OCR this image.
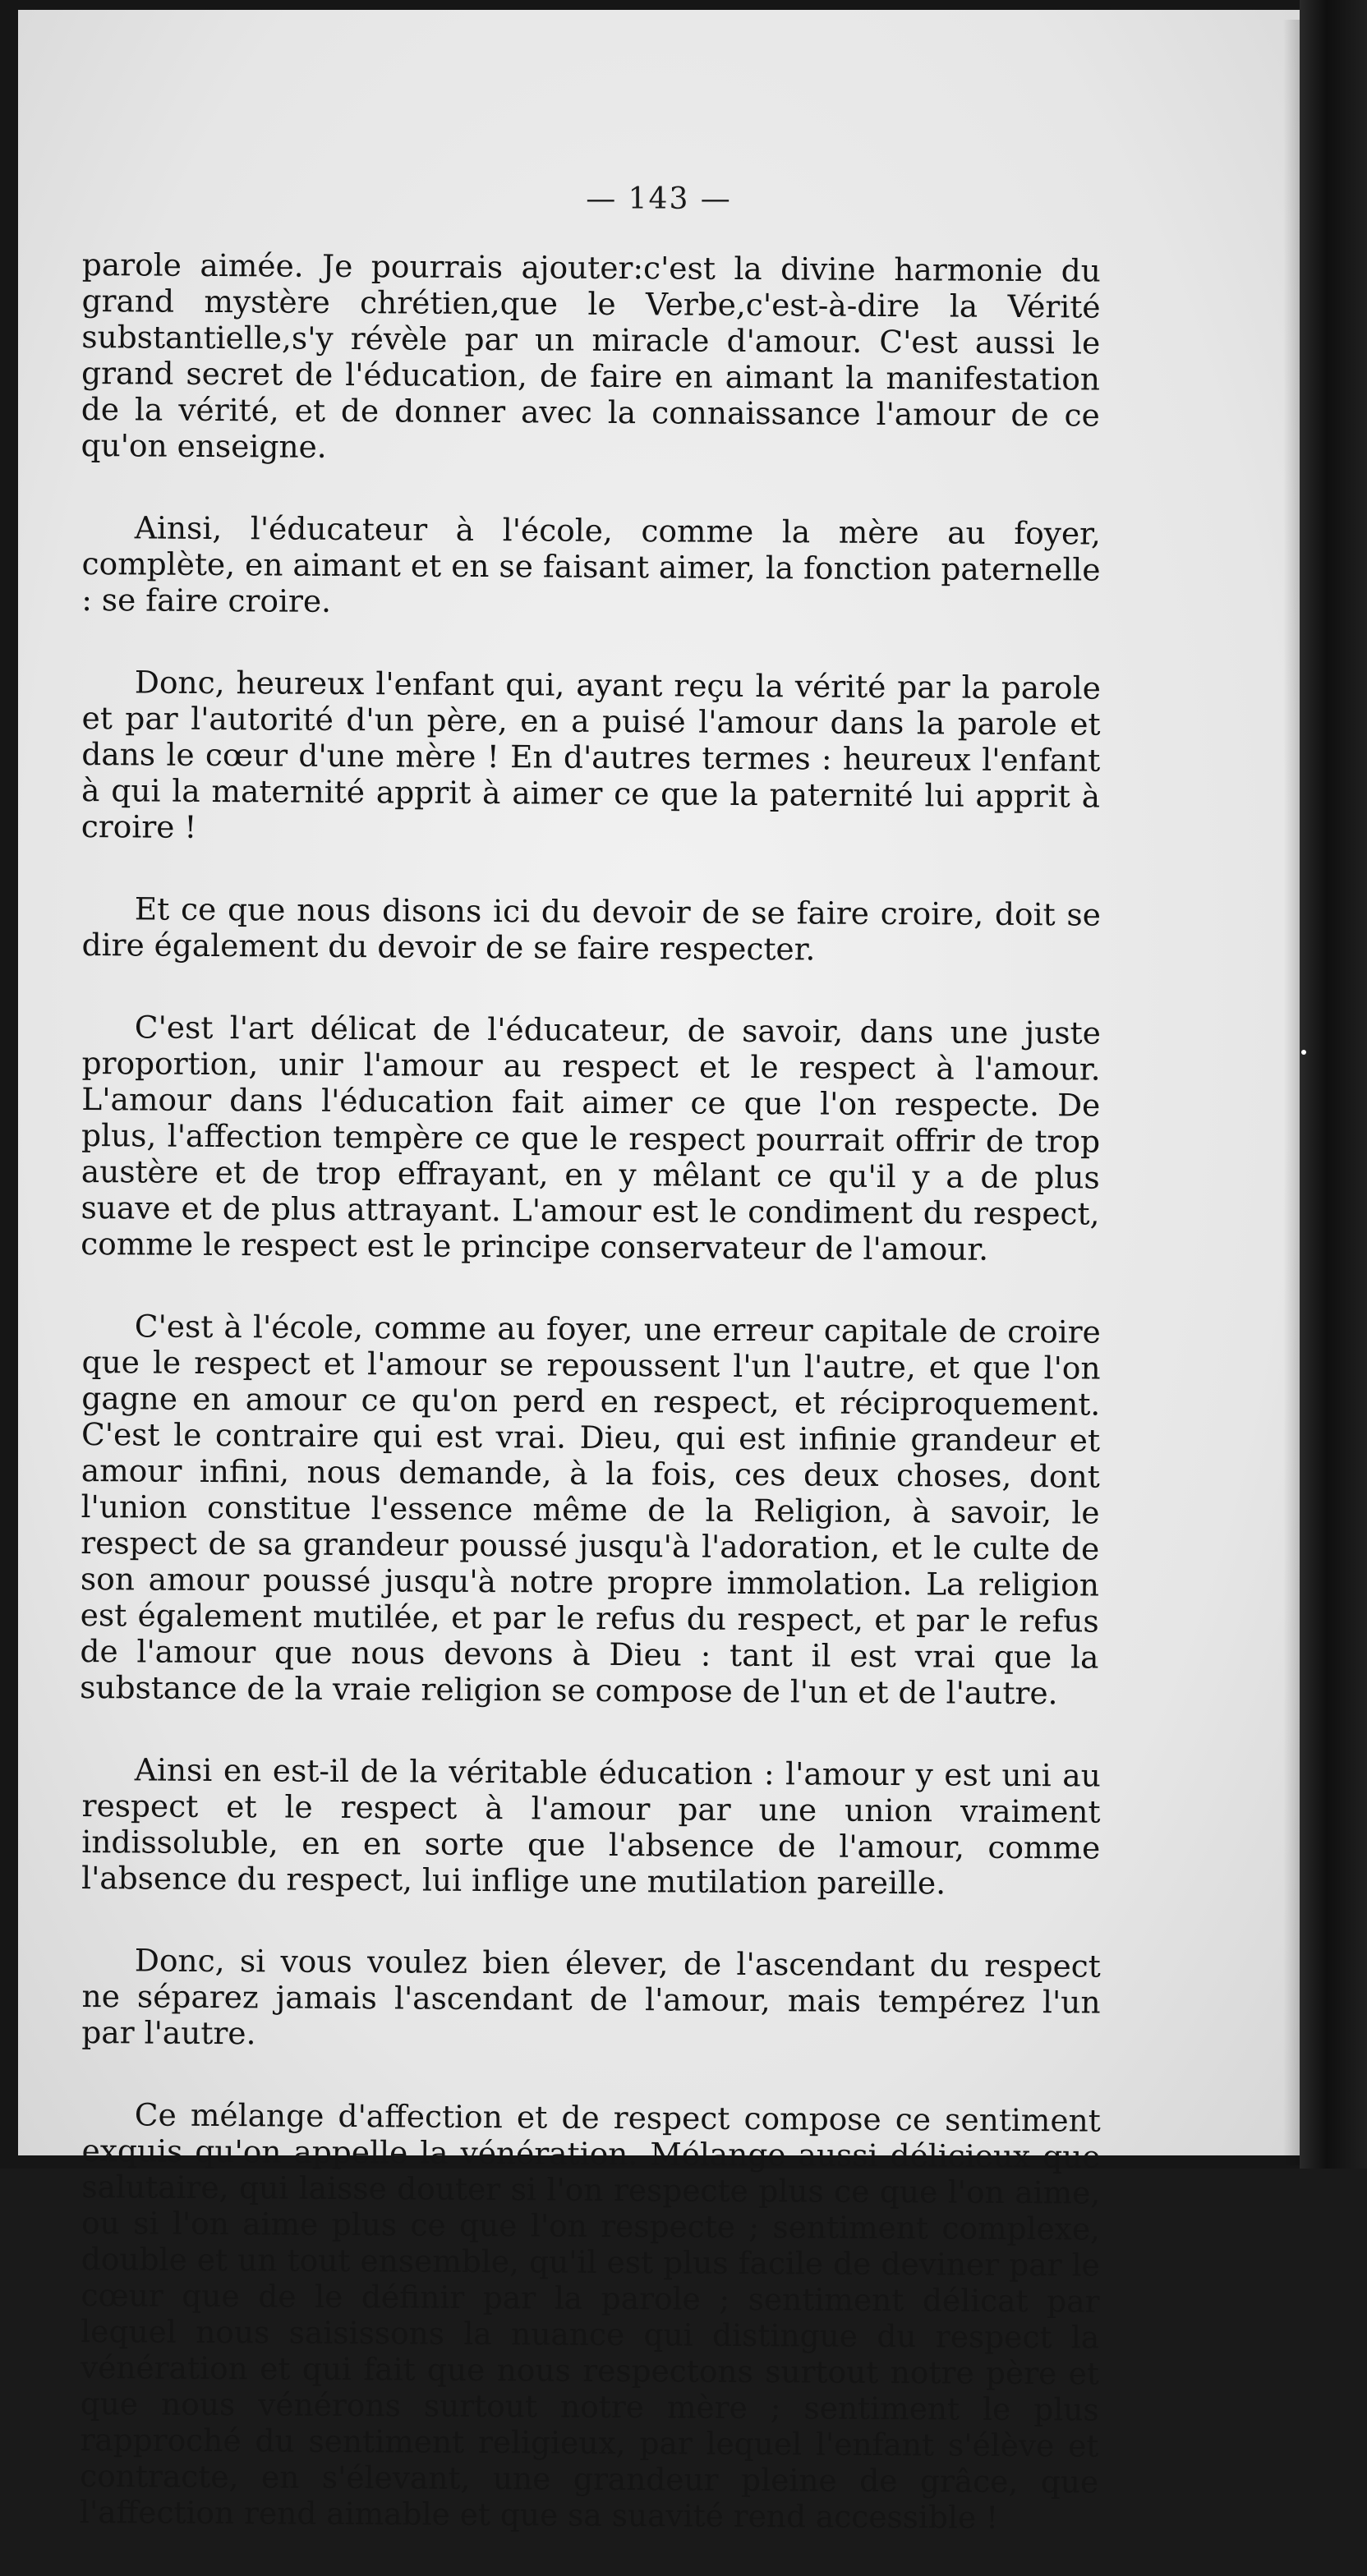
— 143 —

parole aimée. Je pourrais ajouter:c'est la divine harmonie du grand mystère chrétien,que le Verbe,c'est-à-dire la Vérité substantielle,s'y révèle par un miracle d'amour. C'est aussi le grand secret de l'éducation, de faire en aimant la manifestation de la vérité, et de donner avec la connaissance l'amour de ce qu'on enseigne.

Ainsi, l'éducateur à l'école, comme la mère au foyer, complète, en aimant et en se faisant aimer, la fonction paternelle : se faire croire.

Donc, heureux l'enfant qui, ayant reçu la vérité par la parole et par l'autorité d'un père, en a puisé l'amour dans la parole et dans le cœur d'une mère ! En d'autres termes : heureux l'enfant à qui la maternité apprit à aimer ce que la paternité lui apprit à croire !

Et ce que nous disons ici du devoir de se faire croire, doit se dire également du devoir de se faire respecter.

C'est l'art délicat de l'éducateur, de savoir, dans une juste proportion, unir l'amour au respect et le respect à l'amour. L'amour dans l'éducation fait aimer ce que l'on respecte. De plus, l'affection tempère ce que le respect pourrait offrir de trop austère et de trop effrayant, en y mêlant ce qu'il y a de plus suave et de plus attrayant. L'amour est le condiment du respect, comme le respect est le principe conservateur de l'amour.

C'est à l'école, comme au foyer, une erreur capitale de croire que le respect et l'amour se repoussent l'un l'autre, et que l'on gagne en amour ce qu'on perd en respect, et réciproquement. C'est le contraire qui est vrai. Dieu, qui est infinie grandeur et amour infini, nous demande, à la fois, ces deux choses, dont l'union constitue l'essence même de la Religion, à savoir, le respect de sa grandeur poussé jusqu'à l'adoration, et le culte de son amour poussé jusqu'à notre propre immolation. La religion est également mutilée, et par le refus du respect, et par le refus de l'amour que nous devons à Dieu : tant il est vrai que la substance de la vraie religion se compose de l'un et de l'autre.

Ainsi en est-il de la véritable éducation : l'amour y est uni au respect et le respect à l'amour par une union vraiment indissoluble, en en sorte que l'absence de l'amour, comme l'absence du respect, lui inflige une mutilation pareille.

Donc, si vous voulez bien élever, de l'ascendant du respect ne séparez jamais l'ascendant de l'amour, mais tempérez l'un par l'autre.

Ce mélange d'affection et de respect compose ce sentiment exquis qu'on appelle la vénération. Mélange aussi délicieux que salutaire, qui laisse douter si l'on respecte plus ce que l'on aime, ou si l'on aime plus ce que l'on respecte ; sentiment complexe, double et un tout ensemble, qu'il est plus facile de deviner par le cœur que de le définir par la parole ; sentiment délicat par lequel nous saisissons la nuance qui distingue du respect la vénération et qui fait que nous respectons surtout notre père et que nous vénérons surtout notre mère ; sentiment le plus rapproché du sentiment religieux, par lequel l'enfant s'élève et contracte, en s'élevant, une grandeur pleine de grâce, que l'affection rend aimable et que sa suavité rend accessible !
